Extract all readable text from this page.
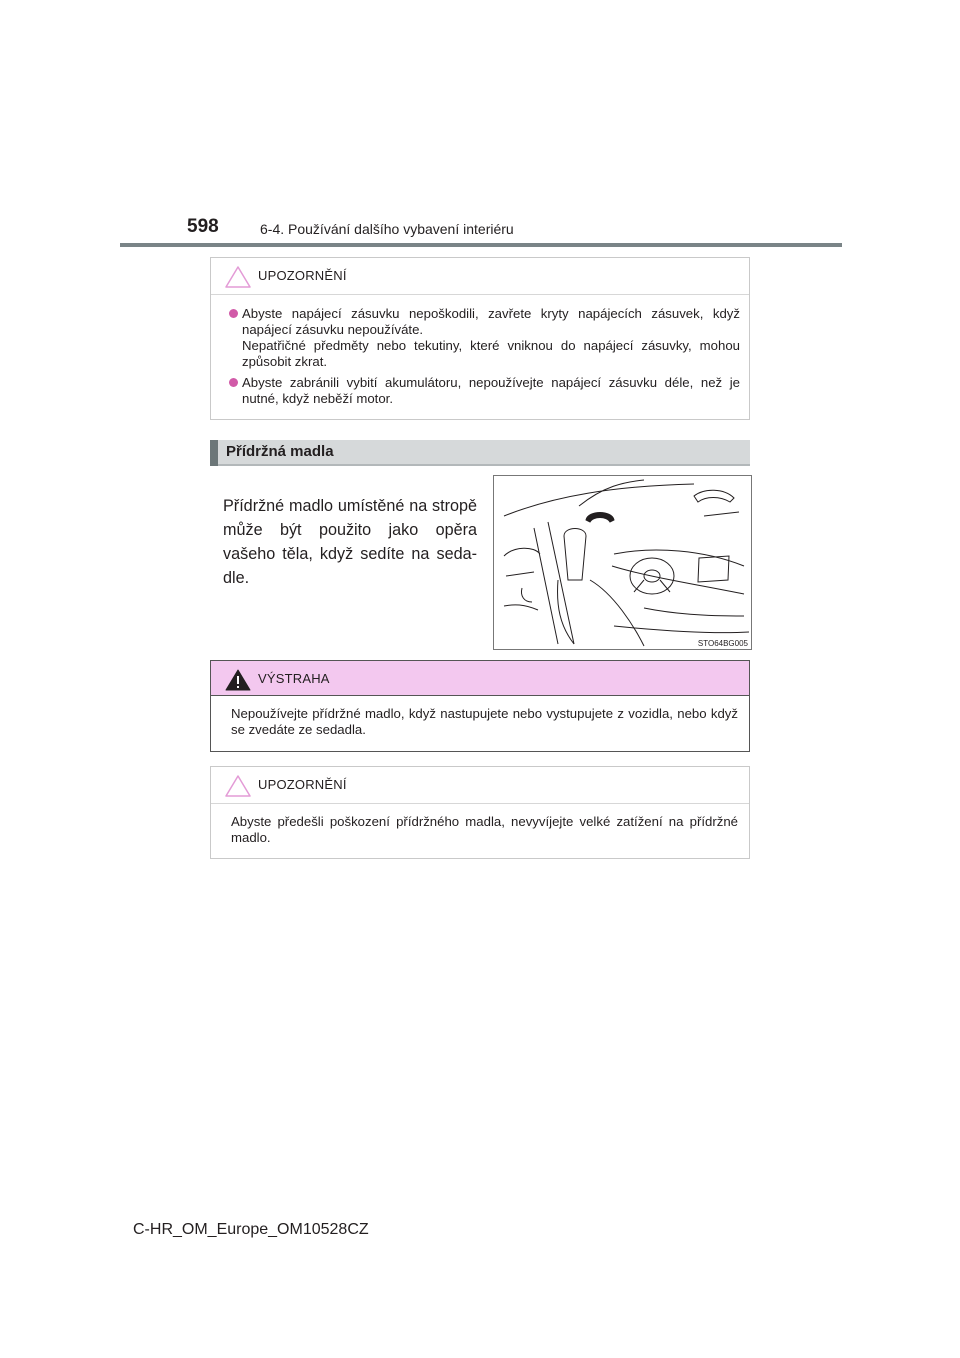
598	6-4. Používání dalšího vybavení interiéru
UPOZORNĚNÍ

Abyste napájecí zásuvku nepoškodili, zavřete kryty napájecích zásuvek, když napájecí zásuvku nepoužíváte.

Nepatřičné předměty nebo tekutiny, které vniknou do napájecí zásuvky, mohou způsobit zkrat.

Abyste zabránili vybití akumulátoru, nepoužívejte napájecí zásuvku déle, než je nutné, když neběží motor.

Přídržná madla
Přídržné madlo umístěné na stropě může být použito jako opěra vašeho těla, když sedíte na sedadle.
STO64BG005
VÝSTRAHA

Nepoužívejte přídržné madlo, když nastupujete nebo vystupujete z vozidla, nebo když se zvedáte ze sedadla.

UPOZORNĚNÍ

Abyste předešli poškození přídržného madla, nevyvíjejte velké zatížení na přídržné madlo.

C-HR_OM_Europe_OM10528CZ
